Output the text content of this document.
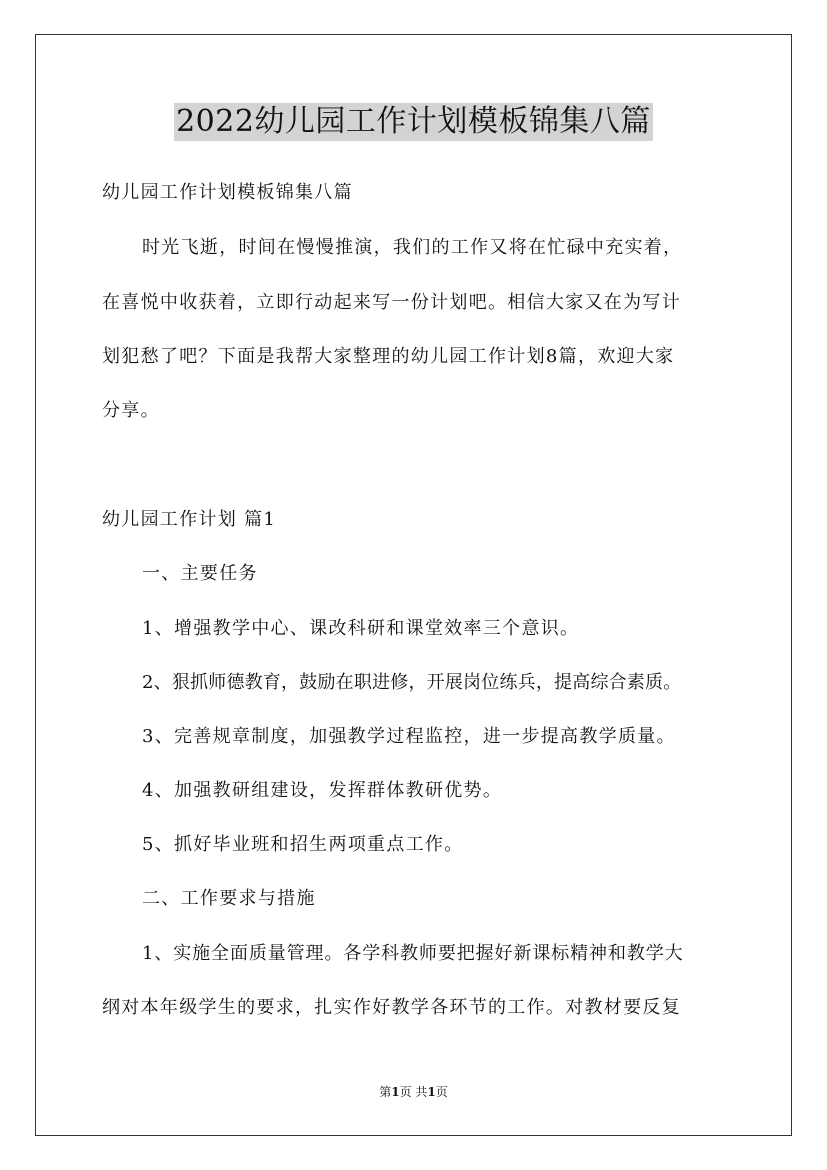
2022幼儿园工作计划模板锦集八篇
幼儿园工作计划模板锦集八篇
时光飞逝，时间在慢慢推演，我们的工作又将在忙碌中充实着，
在喜悦中收获着，立即行动起来写一份计划吧。相信大家又在为写计
划犯愁了吧？下面是我帮大家整理的幼儿园工作计划8篇，欢迎大家
分享。
幼儿园工作计划 篇1
一、主要任务
1、增强教学中心、课改科研和课堂效率三个意识。
2、狠抓师德教育，鼓励在职进修，开展岗位练兵，提高综合素质。
3、完善规章制度，加强教学过程监控，进一步提高教学质量。
4、加强教研组建设，发挥群体教研优势。
5、抓好毕业班和招生两项重点工作。
二、工作要求与措施
1、实施全面质量管理。各学科教师要把握好新课标精神和教学大
纲对本年级学生的要求，扎实作好教学各环节的工作。对教材要反复
第1页 共1页
